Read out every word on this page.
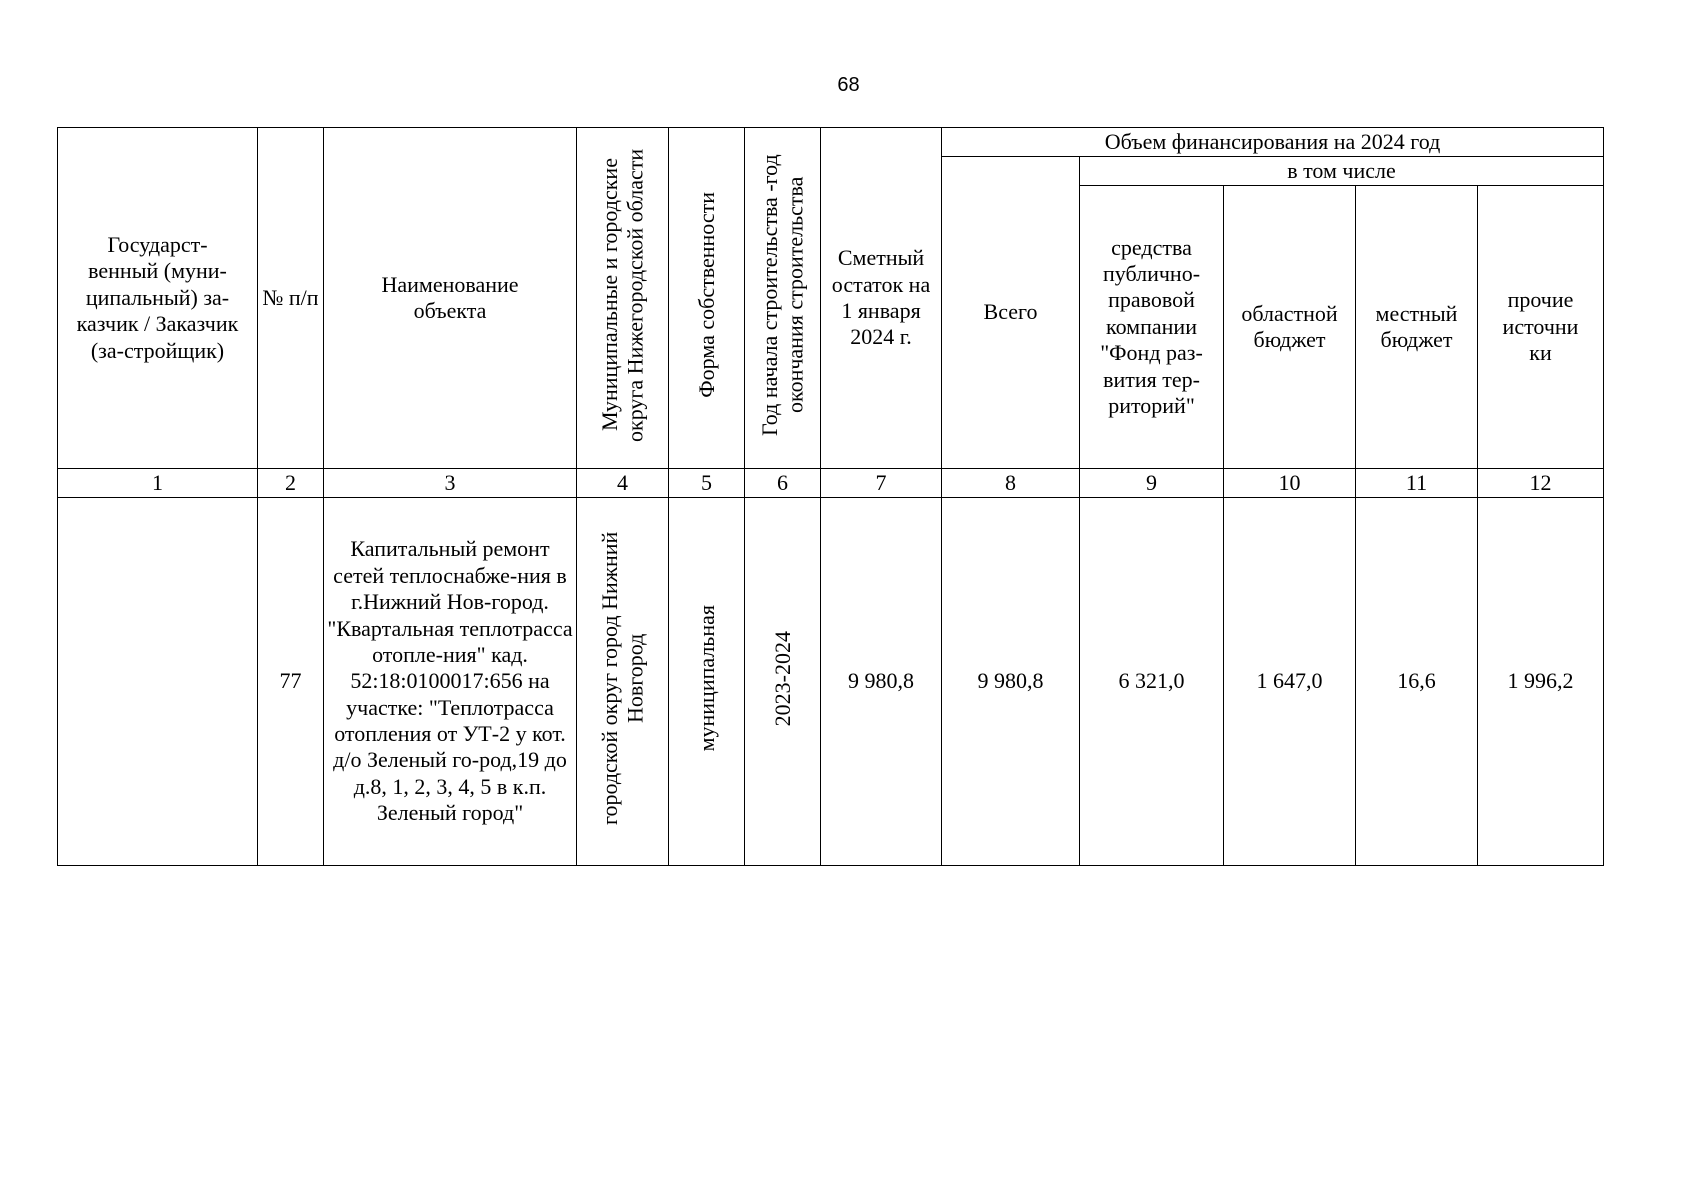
68
Государст-венный (муни-ципальный) за-казчик / Заказчик (за-стройщик)	№ п/п	Наименование объекта	Муниципальные и городские округа Нижегородской области	Форма собственности	Год начала строительства -год окончания строительства	Сметный остаток на 1 января 2024 г.	Объем финансирования на 2024 год				
							Всего	в том числе			
								средства публично-правовой компании "Фонд раз-вития тер-риторий"	областной бюджет	местный бюджет	прочие источни ки
1	2	3	4	5	6	7	8	9	10	11	12
	77	Капитальный ремонт сетей теплоснабже-ния в г.Нижний Нов-город. "Квартальная теплотрасса отопле-ния" кад. 52:18:0100017:656 на участке: "Теплотрасса отопления от УТ-2 у кот. д/о Зеленый го-род,19 до д.8, 1, 2, 3, 4, 5 в к.п. Зеленый город"	городской округ город Нижний Новгород	муниципальная	2023-2024	9 980,8	9 980,8	6 321,0	1 647,0	16,6	1 996,2
